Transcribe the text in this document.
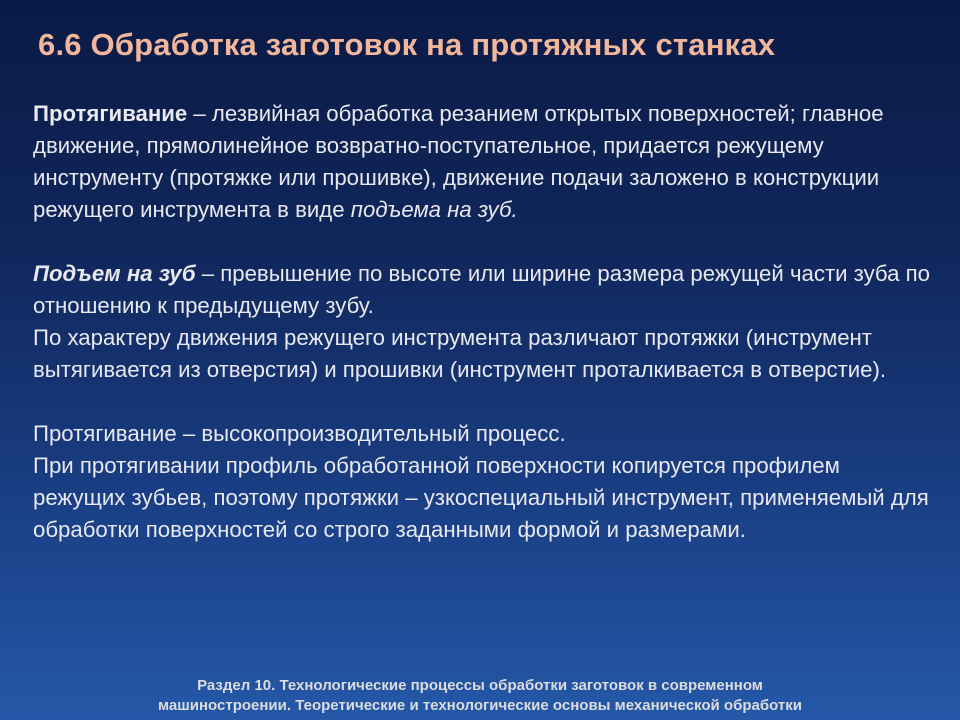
6.6 Обработка заготовок на протяжных станках

Протягивание – лезвийная обработка резанием открытых поверхностей; главное движение, прямолинейное возвратно-поступательное, придается режущему инструменту (протяжке или прошивке), движение подачи заложено в конструкции режущего инструмента в виде подъема на зуб.

Подъем на зуб – превышение по высоте или ширине размера режущей части зуба по отношению к предыдущему зубу.

По характеру движения режущего инструмента различают протяжки (инструмент вытягивается из отверстия) и прошивки (инструмент проталкивается в отверстие).

Протягивание – высокопроизводительный процесс.

При протягивании профиль обработанной поверхности копируется профилем режущих зубьев, поэтому протяжки – узкоспециальный инструмент, применяемый для обработки поверхностей со строго заданными формой и размерами.

Раздел 10. Технологические процессы обработки заготовок в современном
машиностроении. Теоретические и технологические основы механической обработки
